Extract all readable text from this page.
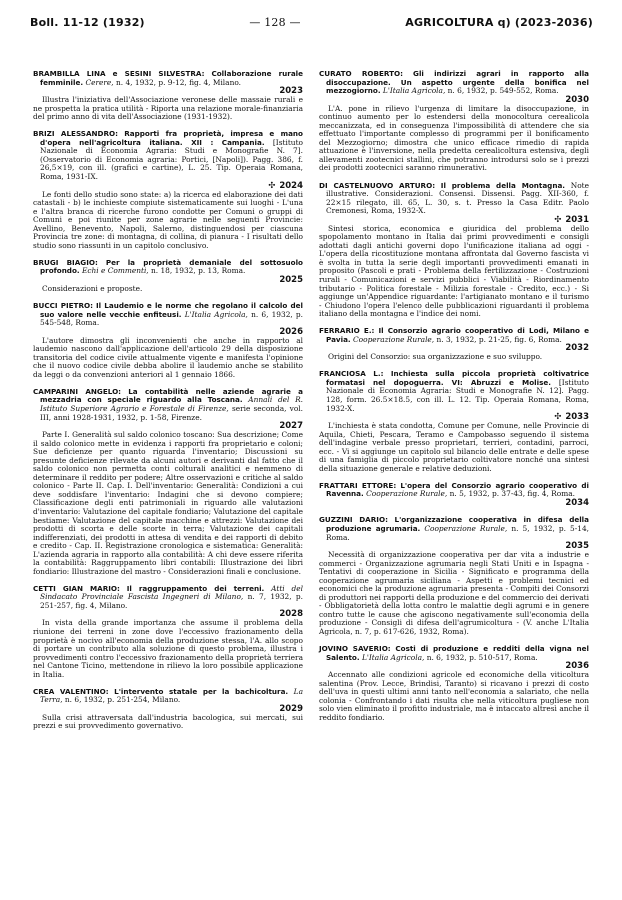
Boll. 11-12 (1932)	— 128 —	AGRICOLTURA q) (2023-2036)
BRAMBILLA LINA e SESINI SILVESTRA: Collaborazione rurale femminile. Cerere, n. 4, 1932, p. 9-12, fig. 4, Milano.
2023
Illustra l'iniziativa dell'Associazione veronese delle massaie rurali e ne prospetta la pratica utilità - Riporta una relazione morale-finanziaria del primo anno di vita dell'Associazione (1931-1932).
BRIZI ALESSANDRO: Rapporti fra proprietà, impresa e mano d'opera nell'agricoltura italiana. XII : Campania. [Istituto Nazionale di Economia Agraria: Studi e Monografie N. 7]. (Osservatorio di Economia agraria: Portici, [Napoli]). Pagg. 386, f. 26,5×19, con ill. (grafici e cartine), L. 25. Tip. Operaia Romana, Roma, 1931-IX.
✣ 2024
Le fonti dello studio sono state: a) la ricerca ed elaborazione dei dati catastali - b) le inchieste compiute sistematicamente sui luoghi - L'una e l'altra branca di ricerche furono condotte per Comuni o gruppi di Comuni e poi riunite per zone agrarie nelle seguenti Provincie: Avellino, Benevento, Napoli, Salerno, distinguendosi per ciascuna Provincia tre zone: di montagna, di collina, di pianura - I risultati dello studio sono riassunti in un capitolo conclusivo.
BRUGI BIAGIO: Per la proprietà demaniale del sottosuolo profondo. Echi e Commenti, n. 18, 1932, p. 13, Roma.
2025
Considerazioni e proposte.
BUCCI PIETRO: Il Laudemio e le norme che regolano il calcolo del suo valore nelle vecchie enfiteusi. L'Italia Agricola, n. 6, 1932, p. 545-548, Roma.
2026
L'autore dimostra gli inconvenienti che anche in rapporto al laudemio nascono dall'applicazione dell'articolo 29 della disposizione transitoria del codice civile attualmente vigente e manifesta l'opinione che il nuovo codice civile debba abolire il laudemio anche se stabilito da leggi o da convenzioni anteriori al 1 gennaio 1866.
CAMPARINI ANGELO: La contabilità nelle aziende agrarie a mezzadria con speciale riguardo alla Toscana. Annali del R. Istituto Superiore Agrario e Forestale di Firenze, serie seconda, vol. III, anni 1928-1931, 1932, p. 1-58, Firenze.
2027
Parte I. Generalità sul saldo colonico toscano: Sua descrizione; Come il saldo colonico mette in evidenza i rapporti fra proprietario e coloni; Sue deficienze per quanto riguarda l'inventario; Discussioni su presunte deficienze rilevate da alcuni autori e derivanti dal fatto che il saldo colonico non permetta conti colturali analitici e nemmeno di determinare il reddito per podere; Altre osservazioni e critiche al saldo colonico - Parte II. Cap. I. Dell'inventario: Generalità: Condizioni a cui deve soddisfare l'inventario: Indagini che si devono compiere; Classificazione degli enti patrimoniali in riguardo alle valutazioni d'inventario: Valutazione del capitale fondiario; Valutazione del capitale bestiame: Valutazione del capitale macchine e attrezzi: Valutazione dei prodotti di scorta e delle scorte in terra; Valutazione dei capitali indifferenziati, dei prodotti in attesa di vendita e dei rapporti di debito e credito - Cap. II. Registrazione cronologica e sistematica: Generalità: L'azienda agraria in rapporto alla contabilità: A chi deve essere riferita la contabilità: Raggruppamento libri contabili: Illustrazione dei libri fondiario: Illustrazione del mastro - Considerazioni finali e conclusione.
CETTI GIAN MARIO: Il raggruppamento dei terreni. Atti del Sindacato Provinciale Fascista Ingegneri di Milano, n. 7, 1932, p. 251-257, fig. 4, Milano.
2028
In vista della grande importanza che assume il problema della riunione dei terreni in zone dove l'eccessivo frazionamento della proprietà è nocivo all'economia della produzione stessa, l'A. allo scopo di portare un contributo alla soluzione di questo problema, illustra i provvedimenti contro l'eccessivo frazionamento della proprietà terriera nel Cantone Ticino, mettendone in rilievo la loro possibile applicazione in Italia.
CREA VALENTINO: L'intervento statale per la bachicoltura. La Terra, n. 6, 1932, p. 251-254, Milano.
2029
Sulla crisi attraversata dall'industria bacologica, sui mercati, sui prezzi e sui provvedimento governativo.
CURATO ROBERTO: Gli indirizzi agrari in rapporto alla disoccupazione. Un aspetto urgente della bonifica nel mezzogiorno. L'Italia Agricola, n. 6, 1932, p. 549-552, Roma.
2030
L'A. pone in rilievo l'urgenza di limitare la disoccupazione, in continuo aumento per lo estendersi della monocoltura cerealicola meccanizzata, ed in conseguenza l'impossibilità di attendere che sia effettuato l'importante complesso di programmi per il bonificamento del Mezzogiorno; dimostra che unico efficace rimedio di rapida attuazione è l'inversione, nella predetta cerealicoltura estensiva, degli allevamenti zootecnici stallini, che potranno introdursi solo se i prezzi dei prodotti zootecnici saranno rimunerativi.
DI CASTELNUOVO ARTURO: Il problema della Montagna. Note illustrative. Considerazioni. Consensi. Dissensi. Pagg. XII-360, f. 22×15 rilegato, ill. 65, L. 30, s. t. Presso la Casa Editr. Paolo Cremonesi, Roma, 1932-X.
✣ 2031
Sintesi storica, economica e giuridica del problema dello spopolamento montano in Italia dai primi provvedimenti e consigli adottati dagli antichi governi dopo l'unificazione italiana ad oggi - L'opera della ricostituzione montana affrontata dal Governo fascista vi è svolta in tutta la serie degli importanti provvedimenti emanati in proposito (Pascoli e prati - Problema della fertilizzazione - Costruzioni rurali - Comunicazioni e servizi pubblici - Viabilità - Riordinamento tributario - Politica forestale - Milizia forestale - Credito, ecc.) - Si aggiunge un'Appendice riguardante: l'artigianato montano e il turismo - Chiudono l'opera l'elenco delle pubblicazioni riguardanti il problema italiano della montagna e l'indice dei nomi.
FERRARIO E.: Il Consorzio agrario cooperativo di Lodi, Milano e Pavia. Cooperazione Rurale, n. 3, 1932, p. 21-25, fig. 6, Roma.
2032
Origini del Consorzio: sua organizzazione e suo sviluppo.
FRANCIOSA L.: Inchiesta sulla piccola proprietà coltivatrice formatasi nel dopoguerra. VI: Abruzzi e Molise. [Istituto Nazionale di Economia Agraria: Studi e Monografie N. 12]. Pagg. 128, form. 26.5×18.5, con ill. L. 12. Tip. Operaia Romana, Roma, 1932-X.
✣ 2033
L'inchiesta è stata condotta, Comune per Comune, nelle Provincie di Aquila, Chieti, Pescara, Teramo e Campobasso seguendo il sistema dell'indagine verbale presso proprietari, terrieri, contadini, parroci, ecc. - Vi si aggiunge un capitolo sul bilancio delle entrate e delle spese di una famiglia di piccolo proprietario coltivatore nonché una sintesi della situazione generale e relative deduzioni.
FRATTARI ETTORE: L'opera del Consorzio agrario cooperativo di Ravenna. Cooperazione Rurale, n. 5, 1932, p. 37-43, fig. 4, Roma.
2034
GUZZINI DARIO: L'organizzazione cooperativa in difesa della produzione agrumaria. Cooperazione Rurale, n. 5, 1932, p. 5-14, Roma.
2035
Necessità di organizzazione cooperativa per dar vita a industrie e commerci - Organizzazione agrumaria negli Stati Uniti e in Ispagna - Tentativi di cooperazione in Sicilia - Significato e programma della cooperazione agrumaria siciliana - Aspetti e problemi tecnici ed economici che la produzione agrumaria presenta - Compiti dei Consorzi di produttori nei rapporti della produzione e del commercio dei derivati - Obbligatorietà della lotta contro le malattie degli agrumi e in genere contro tutte le cause che agiscono negativamente sull'economia della produzione - Consigli di difesa dell'agrumicoltura - (V. anche L'Italia Agricola, n. 7, p. 617-626, 1932, Roma).
JOVINO SAVERIO: Costi di produzione e redditi della vigna nel Salento. L'Italia Agricola, n. 6, 1932, p. 510-517, Roma.
2036
Accennato alle condizioni agricole ed economiche della viticoltura salentina (Prov. Lecce, Brindisi, Taranto) si ricavano i prezzi di costo dell'uva in questi ultimi anni tanto nell'economia a salariato, che nella colonia - Confrontando i dati risulta che nella viticoltura pugliese non solo vien eliminato il profitto industriale, ma è intaccato altresì anche il reddito fondiario.
